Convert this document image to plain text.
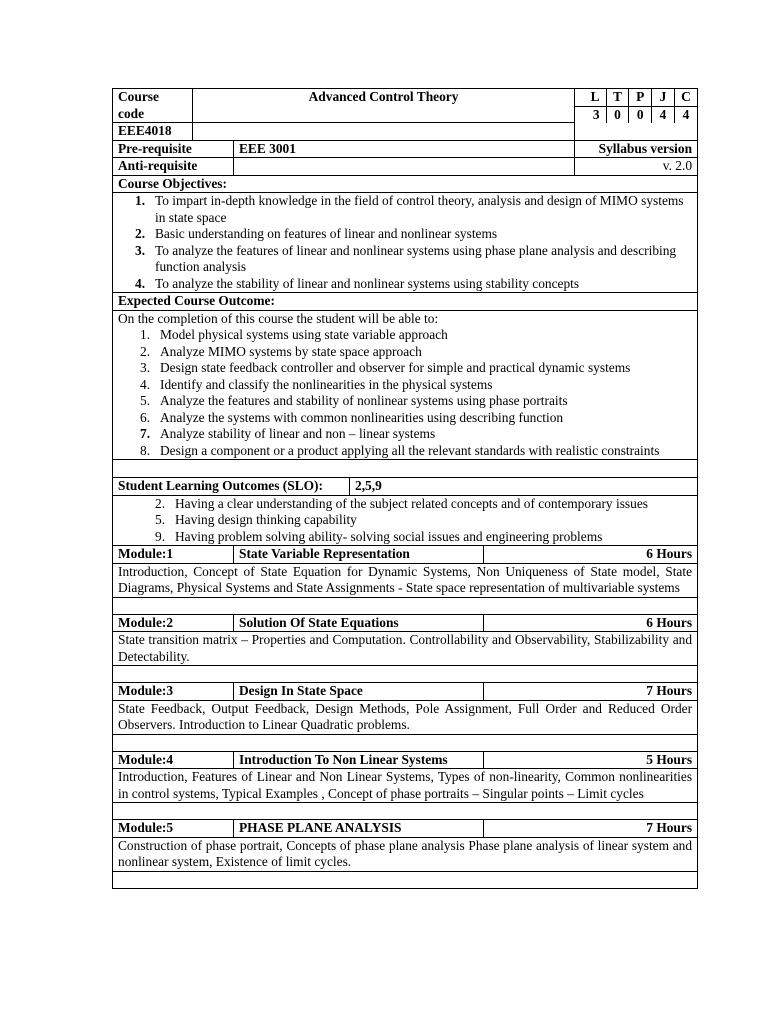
Course code	Advanced Control Theory		L	T	P	J	C
3	0	0	4	4

EEE4018	
Pre-requisite	EEE 3001	Syllabus version
Anti-requisite		v. 2.0
Course Objectives:

1. To impart in-depth knowledge in the field of control theory, analysis and design of MIMO systems in state space
2. Basic understanding on features of linear and nonlinear systems
3. To analyze the features of linear and nonlinear systems using phase plane analysis and describing function analysis
4. To analyze the stability of linear and nonlinear systems using stability concepts

Expected Course Outcome:

On the completion of this course the student will be able to:
1. Model physical systems using state variable approach
2. Analyze MIMO systems by state space approach
3. Design state feedback controller and observer for simple and practical dynamic systems
4. Identify and classify the nonlinearities in the physical systems
5. Analyze the features and stability of nonlinear systems using phase portraits
6. Analyze the systems with common nonlinearities using describing function
7. Analyze stability of linear and non – linear systems
8. Design a component or a product applying all the relevant standards with realistic constraints

Student Learning Outcomes (SLO):	2,5,9

2. Having a clear understanding of the subject related concepts and of contemporary issues
5. Having design thinking capability
9. Having problem solving ability- solving social issues and engineering problems

Module:1	State Variable Representation	6 Hours
Introduction, Concept of State Equation for Dynamic Systems, Non Uniqueness of State model, State Diagrams, Physical Systems and State Assignments - State space representation of multivariable systems

Module:2	Solution Of State Equations	6 Hours
State transition matrix – Properties and Computation. Controllability and Observability, Stabilizability and Detectability.

Module:3	Design In State Space	7 Hours
State Feedback, Output Feedback, Design Methods, Pole Assignment, Full Order and Reduced Order Observers. Introduction to Linear Quadratic problems.

Module:4	Introduction To Non Linear Systems	5 Hours
Introduction, Features of Linear and Non Linear Systems, Types of non-linearity, Common nonlinearities in control systems, Typical Examples , Concept of phase portraits – Singular points – Limit cycles

Module:5	PHASE PLANE ANALYSIS	7 Hours
Construction of phase portrait, Concepts of phase plane analysis Phase plane analysis of linear system and nonlinear system, Existence of limit cycles.
